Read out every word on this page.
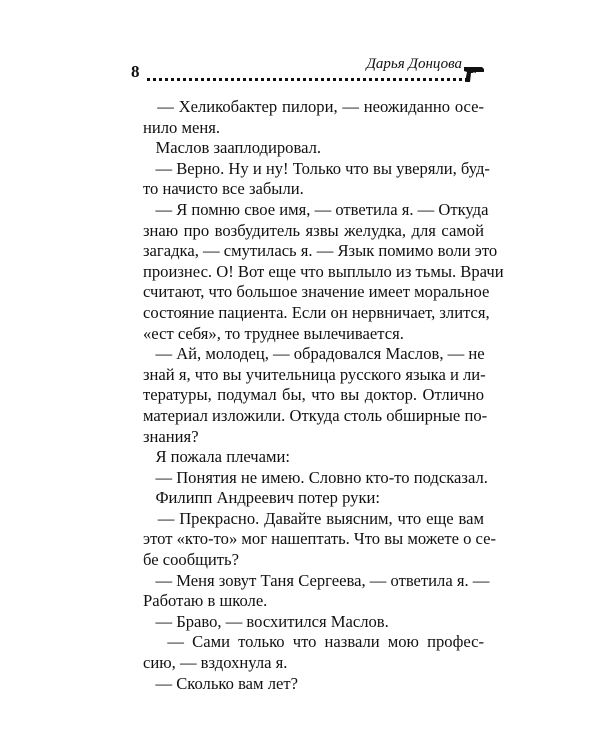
8	Дарья Донцова
— Хеликобактер пилори, — неожиданно осе-
нило меня.
Маслов зааплодировал.
— Верно. Ну и ну! Только что вы уверяли, буд-
то начисто все забыли.
— Я помню свое имя, — ответила я. — Откуда
знаю про возбудитель язвы желудка, для самой
загадка, — смутилась я. — Язык помимо воли это
произнес. О! Вот еще что выплыло из тьмы. Врачи
считают, что большое значение имеет моральное
состояние пациента. Если он нервничает, злится,
«ест себя», то труднее вылечивается.
— Ай, молодец, — обрадовался Маслов, — не
знай я, что вы учительница русского языка и ли-
тературы, подумал бы, что вы доктор. Отлично
материал изложили. Откуда столь обширные по-
знания?
Я пожала плечами:
— Понятия не имею. Словно кто-то подсказал.
Филипп Андреевич потер руки:
— Прекрасно. Давайте выясним, что еще вам
этот «кто-то» мог нашептать. Что вы можете о се-
бе сообщить?
— Меня зовут Таня Сергеева, — ответила я. —
Работаю в школе.
— Браво, — восхитился Маслов.
— Сами только что назвали мою профес-
сию, — вздохнула я.
— Сколько вам лет?
